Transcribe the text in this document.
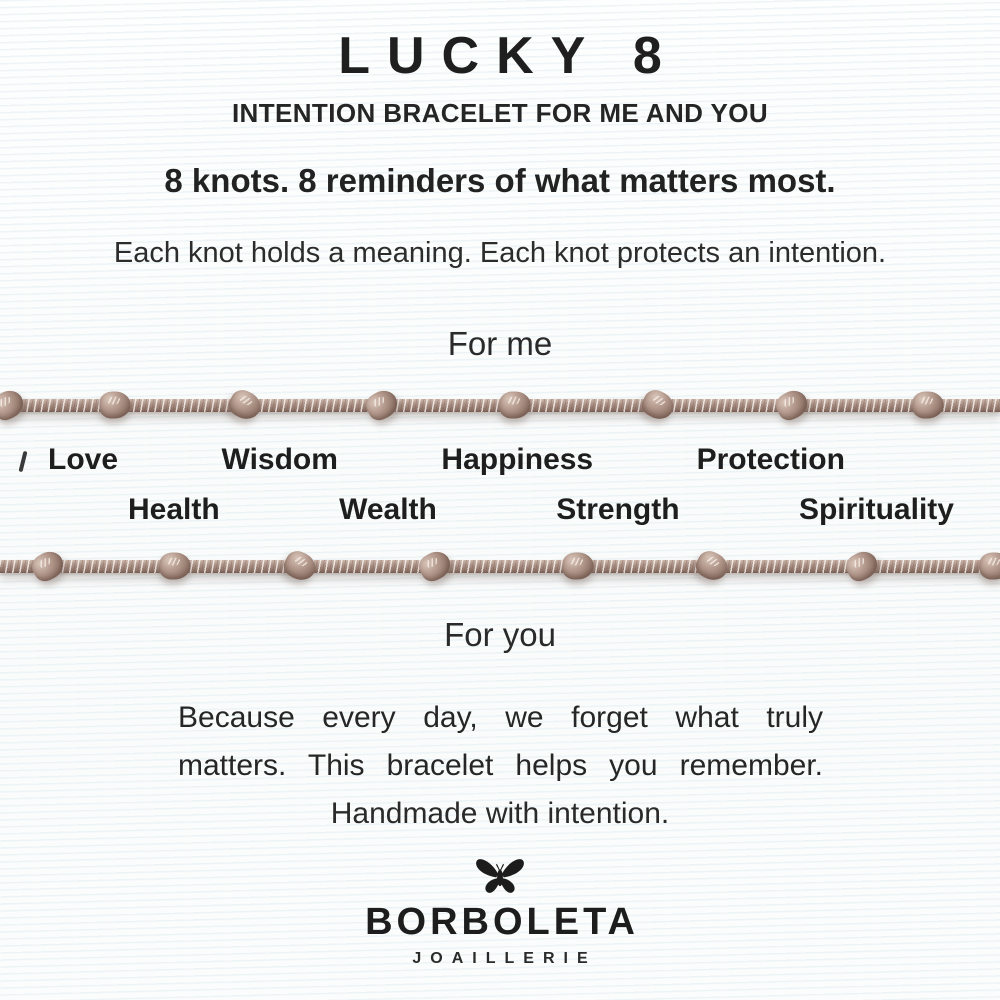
LUCKY 8
INTENTION BRACELET FOR ME AND YOU
8 knots. 8 reminders of what matters most.
Each knot holds a meaning. Each knot protects an intention.
For me
Love	Wisdom	Happiness	Protection
Health	Wealth	Strength	Spirituality
For you
Because every day, we forget what truly
matters. This bracelet helps you remember.
Handmade with intention.
BORBOLETA
JOAILLERIE
